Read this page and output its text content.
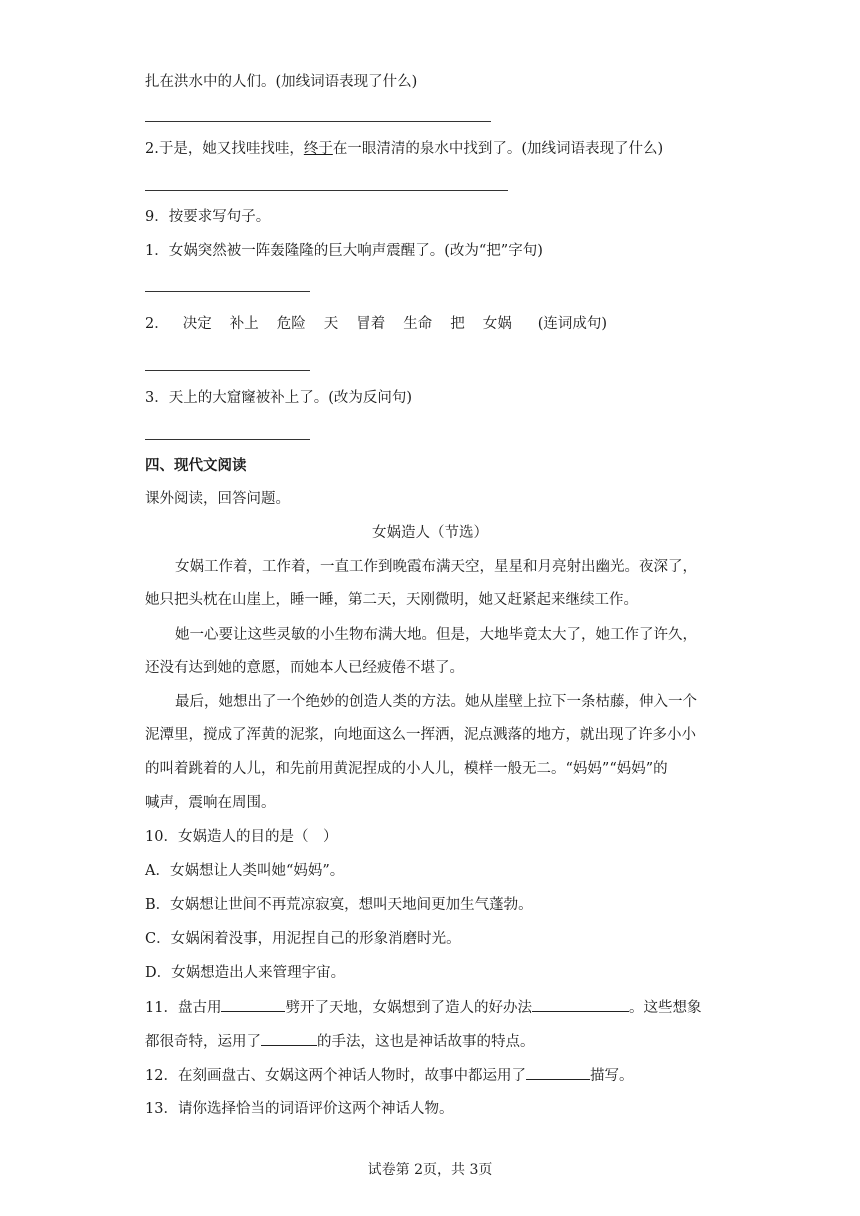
扎在洪水中的人们。(加线词语表现了什么)
2.于是，她又找哇找哇，终于在一眼清清的泉水中找到了。(加线词语表现了什么)
9．按要求写句子。
1．女娲突然被一阵轰隆隆的巨大响声震醒了。(改为“把”字句)
2． 决定 补上 危险 天 冒着 生命 把 女娲 (连词成句)
3．天上的大窟窿被补上了。(改为反问句)
四、现代文阅读
课外阅读，回答问题。
女娲造人（节选）
女娲工作着，工作着，一直工作到晚霞布满天空，星星和月亮射出幽光。夜深了，
她只把头枕在山崖上，睡一睡，第二天，天刚微明，她又赶紧起来继续工作。
她一心要让这些灵敏的小生物布满大地。但是，大地毕竟太大了，她工作了许久，
还没有达到她的意愿，而她本人已经疲倦不堪了。
最后，她想出了一个绝妙的创造人类的方法。她从崖壁上拉下一条枯藤，伸入一个
泥潭里，搅成了浑黄的泥浆，向地面这么一挥洒，泥点溅落的地方，就出现了许多小小
的叫着跳着的人儿，和先前用黄泥捏成的小人儿，模样一般无二。“妈妈”“妈妈”的
喊声，震响在周围。
10．女娲造人的目的是（　）
A．女娲想让人类叫她“妈妈”。
B．女娲想让世间不再荒凉寂寞，想叫天地间更加生气蓬勃。
C．女娲闲着没事，用泥捏自己的形象消磨时光。
D．女娲想造出人来管理宇宙。
11．盘古用	劈开了天地，女娲想到了造人的好办法	。这些想象
都很奇特，运用了	的手法，这也是神话故事的特点。
12．在刻画盘古、女娲这两个神话人物时，故事中都运用了	描写。
13．请你选择恰当的词语评价这两个神话人物。
试卷第 2页，共 3页
